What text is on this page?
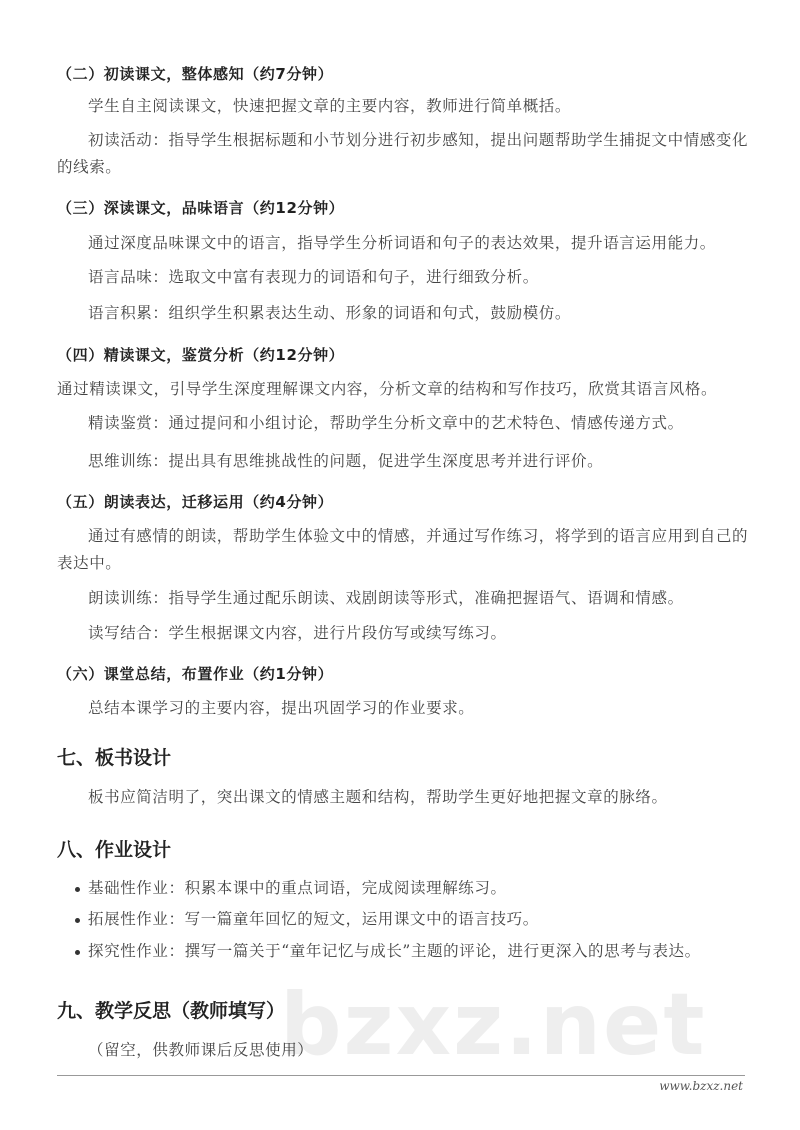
（二）初读课文，整体感知（约7分钟）
学生自主阅读课文，快速把握文章的主要内容，教师进行简单概括。
初读活动：指导学生根据标题和小节划分进行初步感知，提出问题帮助学生捕捉文中情感变化的线索。
（三）深读课文，品味语言（约12分钟）
通过深度品味课文中的语言，指导学生分析词语和句子的表达效果，提升语言运用能力。
语言品味：选取文中富有表现力的词语和句子，进行细致分析。
语言积累：组织学生积累表达生动、形象的词语和句式，鼓励模仿。
（四）精读课文，鉴赏分析（约12分钟）
通过精读课文，引导学生深度理解课文内容，分析文章的结构和写作技巧，欣赏其语言风格。
精读鉴赏：通过提问和小组讨论，帮助学生分析文章中的艺术特色、情感传递方式。
思维训练：提出具有思维挑战性的问题，促进学生深度思考并进行评价。
（五）朗读表达，迁移运用（约4分钟）
通过有感情的朗读，帮助学生体验文中的情感，并通过写作练习，将学到的语言应用到自己的表达中。
朗读训练：指导学生通过配乐朗读、戏剧朗读等形式，准确把握语气、语调和情感。
读写结合：学生根据课文内容，进行片段仿写或续写练习。
（六）课堂总结，布置作业（约1分钟）
总结本课学习的主要内容，提出巩固学习的作业要求。
七、板书设计
板书应简洁明了，突出课文的情感主题和结构，帮助学生更好地把握文章的脉络。
八、作业设计
基础性作业：积累本课中的重点词语，完成阅读理解练习。
拓展性作业：写一篇童年回忆的短文，运用课文中的语言技巧。
探究性作业：撰写一篇关于“童年记忆与成长”主题的评论，进行更深入的思考与表达。
bzxz.net
九、教学反思（教师填写）
（留空，供教师课后反思使用）
www.bzxz.net
